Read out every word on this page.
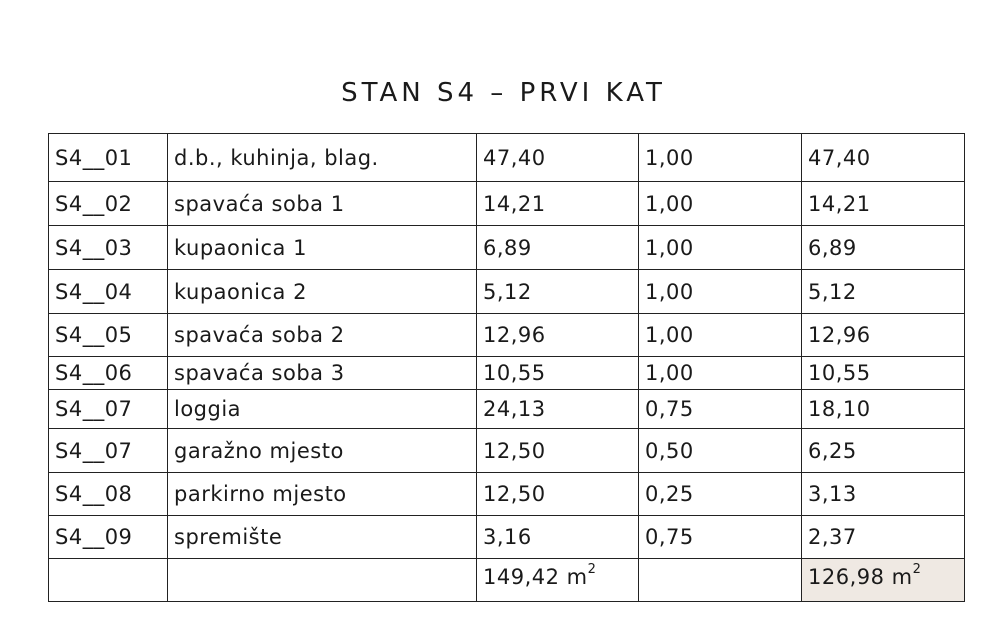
STAN S4 – PRVI KAT
S4__01	d.b., kuhinja, blag.	47,40	1,00	47,40
S4__02	spavaća soba 1	14,21	1,00	14,21
S4__03	kupaonica 1	6,89	1,00	6,89
S4__04	kupaonica 2	5,12	1,00	5,12
S4__05	spavaća soba 2	12,96	1,00	12,96
S4__06	spavaća soba 3	10,55	1,00	10,55
S4__07	loggia	24,13	0,75	18,10
S4__07	garažno mjesto	12,50	0,50	6,25
S4__08	parkirno mjesto	12,50	0,25	3,13
S4__09	spremište	3,16	0,75	2,37
		149,42 $m^2$		126,98 $m^2$
